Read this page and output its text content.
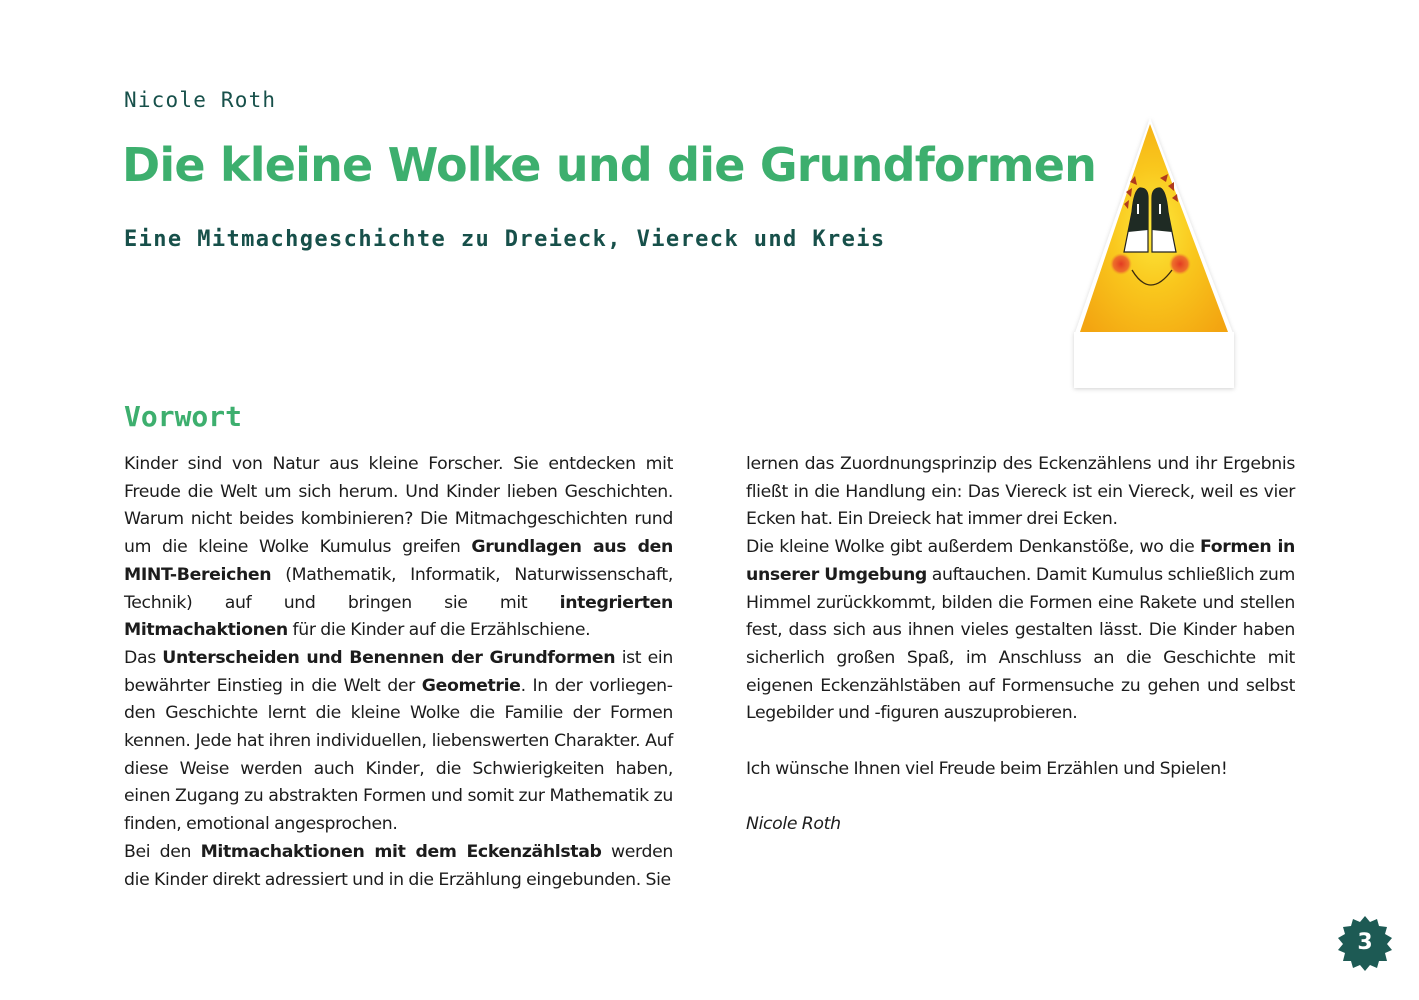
Nicole Roth
Die kleine Wolke und die Grundformen
Eine Mitmachgeschichte zu Dreieck, Viereck und Kreis
Vorwort

Kinder sind von Natur aus kleine Forscher. Sie entdecken mit Freude die Welt um sich herum. Und Kinder lieben Geschichten. Warum nicht beides kombinieren? Die Mitmachgeschichten rund um die kleine Wolke Kumulus greifen Grundlagen aus den MINT-Bereichen (Mathematik, Informatik, Naturwissenschaft, Technik) auf und bringen sie mit integrierten Mitmachaktionen für die Kinder auf die Erzählschiene.

Das Unterscheiden und Benennen der Grundformen ist ein bewährter Einstieg in die Welt der Geometrie. In der vorliegenden Geschichte lernt die kleine Wolke die Familie der Formen kennen. Jede hat ihren individuellen, liebenswerten Charakter. Auf diese Weise werden auch Kinder, die Schwierigkeiten haben, einen Zugang zu abstrakten Formen und somit zur Mathematik zu finden, emotional angesprochen.

Bei den Mitmachaktionen mit dem Eckenzählstab werden die Kinder direkt adressiert und in die Erzählung eingebunden. Sie

lernen das Zuordnungsprinzip des Eckenzählens und ihr Ergebnis fließt in die Handlung ein: Das Viereck ist ein Viereck, weil es vier Ecken hat. Ein Dreieck hat immer drei Ecken.

Die kleine Wolke gibt außerdem Denkanstöße, wo die Formen in unserer Umgebung auftauchen. Damit Kumulus schließlich zum Himmel zurückkommt, bilden die Formen eine Rakete und stellen fest, dass sich aus ihnen vieles gestalten lässt. Die Kinder haben sicherlich großen Spaß, im Anschluss an die Geschichte mit eigenen Eckenzählstäben auf Formensuche zu gehen und selbst Legebilder und -figuren auszuprobieren.

Ich wünsche Ihnen viel Freude beim Erzählen und Spielen!

Nicole Roth

3
